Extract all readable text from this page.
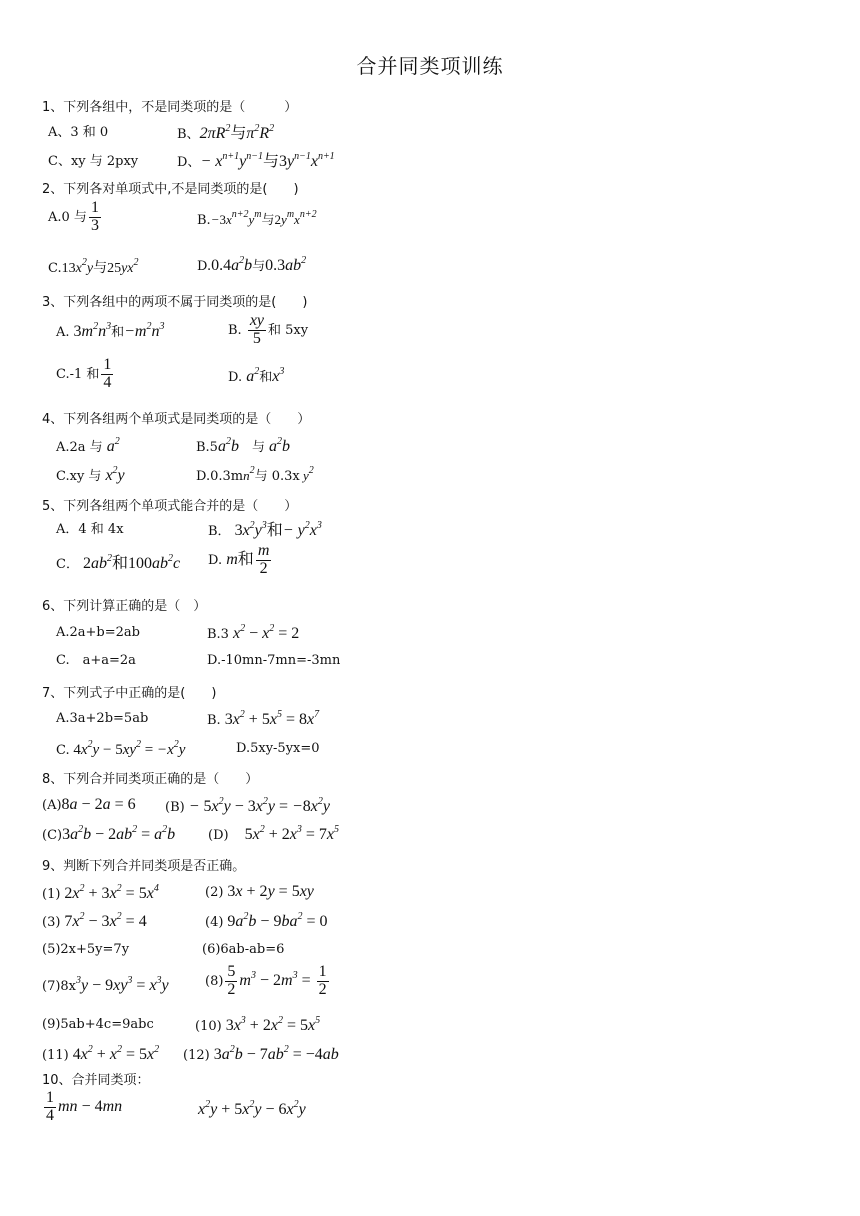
合并同类项训练
1、下列各组中，不是同类项的是（　　　）
A、3 和 0	B、$2\pi R^2$与$\pi^2R^2$
C、xy 与 2pxy	D、− $x^{n+1}y^{n-1}$与$3y^{n-1}x^{n+1}$
2、下列各对单项式中,不是同类项的是(　　)
A.0 与 $\frac{1}{3}$	$B.-3x^{n+2}y^m$与$2y^mx^{n+2}$
$C.13x^2y$与$25yx^2$	$D.0.4a^2b$与$0.3ab^2$
3、下列各组中的两项不属于同类项的是(　　)
A. $3m^2n^3$和$-m^2n^3$	B. $\frac{xy}{5}$ 和 5xy
C.-1 和 $\frac{1}{4}$	D. $a^2$和$x^3$
4、下列各组两个单项式是同类项的是（　　）
A.2a 与 $a^2$	$B.5a^2b$　与 $a^2b$
C.xy 与 $x^2y$	$D.0.3mn^2$与 0.3x $y^2$
5、下列各组两个单项式能合并的是（　　）
A．4 和 4x	B． $3x^2y^3$和− $y^2x^3$
C． $2ab^2$和$100ab^2c$ D. m和 $\frac{m}{2}$
6、下列计算正确的是（　）
A.2a+b=2ab	B.3 $x^2 - x^2 = 2$
C.　a+a=2a	D.-10mn-7mn=-3mn
7、下列式子中正确的是(　　)
A.3a+2b=5ab	B. $3x^2 + 5x^5 = 8x^7$
C. $4x^2y - 5xy^2 = -x^2y$	D.5xy-5yx=0
8、下列合并同类项正确的是（　　）
(A)8a − 2a = 6 $(B) - 5x^2y - 3x^2y = -8x^2y$
$(C)3a^2b - 2ab^2 = a^2b$	(D)　$5x^2 + 2x^3 = 7x^5$
9、判断下列合并同类项是否正确。
(1) $2x^2 + 3x^2 = 5x^4$	(2) 3x + 2y = 5xy
(3) $7x^2 - 3x^2 = 4$	(4) $9a^2b - 9ba^2 = 0$
(5)2x+5y=7y	(6)6ab-ab=6
$(7)8x^3y - 9xy^3 = x^3y$	$(8) \frac{5}{2} m^3 - 2m^3 = \frac{1}{2}$
(9)5ab+4c=9abc	(10) $3x^3 + 2x^2 = 5x^5$
(11) $4x^2 + x^2 = 5x^2$ (12) $3a^2b - 7ab^2 = -4ab$
10、合并同类项：
$\frac{1}{4}$ mn − 4mn	$x^2y + 5x^2y - 6x^2y$
